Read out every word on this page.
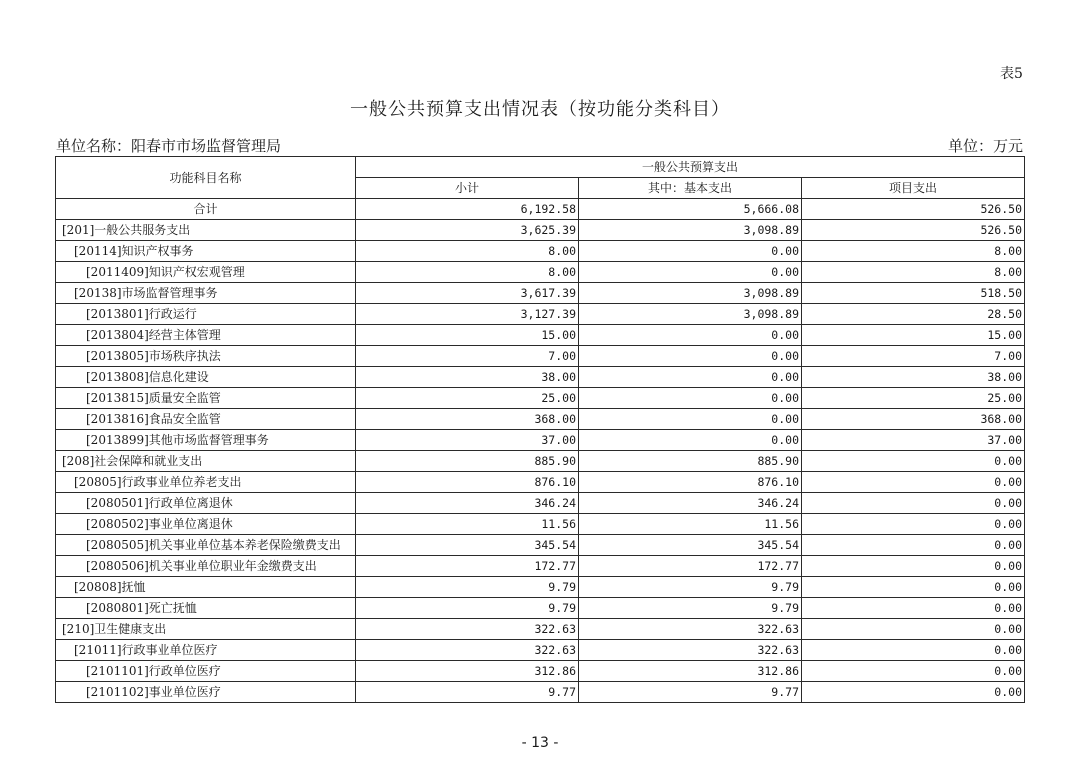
表5
一般公共预算支出情况表（按功能分类科目）
单位名称：阳春市市场监督管理局	单位：万元
功能科目名称	一般公共预算支出		
	小计	其中：基本支出	项目支出
合计	6,192.58	5,666.08	526.50
[201]一般公共服务支出	3,625.39	3,098.89	526.50
[20114]知识产权事务	8.00	0.00	8.00
[2011409]知识产权宏观管理	8.00	0.00	8.00
[20138]市场监督管理事务	3,617.39	3,098.89	518.50
[2013801]行政运行	3,127.39	3,098.89	28.50
[2013804]经营主体管理	15.00	0.00	15.00
[2013805]市场秩序执法	7.00	0.00	7.00
[2013808]信息化建设	38.00	0.00	38.00
[2013815]质量安全监管	25.00	0.00	25.00
[2013816]食品安全监管	368.00	0.00	368.00
[2013899]其他市场监督管理事务	37.00	0.00	37.00
[208]社会保障和就业支出	885.90	885.90	0.00
[20805]行政事业单位养老支出	876.10	876.10	0.00
[2080501]行政单位离退休	346.24	346.24	0.00
[2080502]事业单位离退休	11.56	11.56	0.00
[2080505]机关事业单位基本养老保险缴费支出	345.54	345.54	0.00
[2080506]机关事业单位职业年金缴费支出	172.77	172.77	0.00
[20808]抚恤	9.79	9.79	0.00
[2080801]死亡抚恤	9.79	9.79	0.00
[210]卫生健康支出	322.63	322.63	0.00
[21011]行政事业单位医疗	322.63	322.63	0.00
[2101101]行政单位医疗	312.86	312.86	0.00
[2101102]事业单位医疗	9.77	9.77	0.00
- 13 -
